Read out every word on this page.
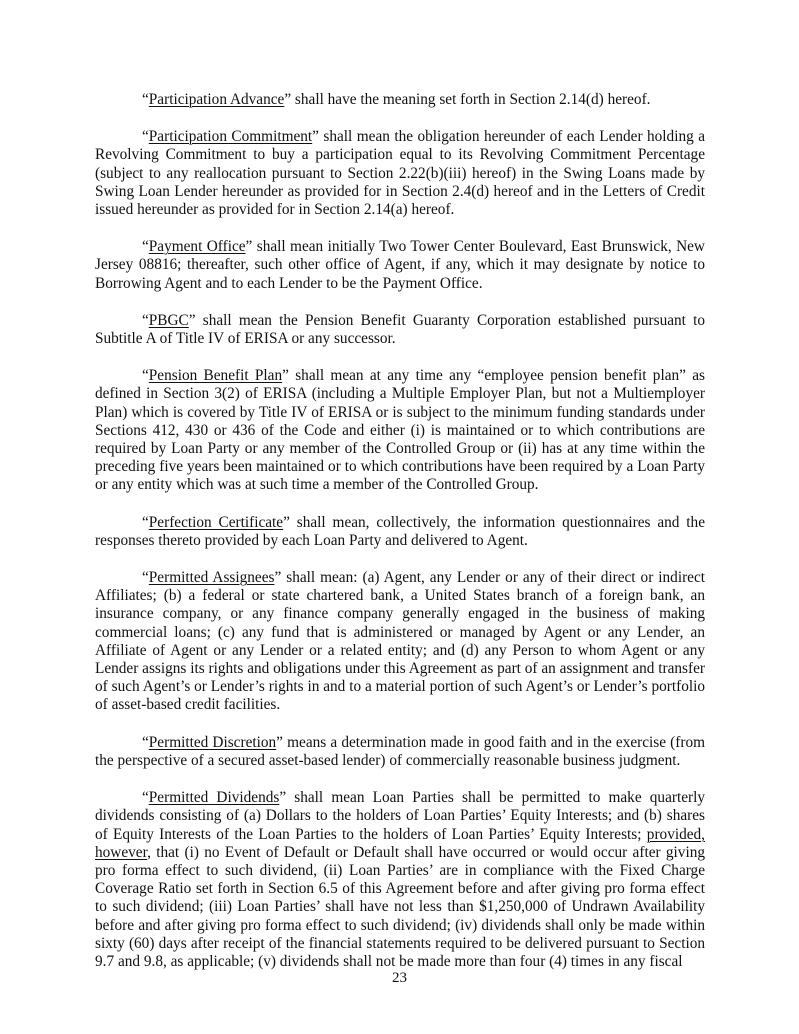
“Participation Advance” shall have the meaning set forth in Section 2.14(d) hereof.

“Participation Commitment” shall mean the obligation hereunder of each Lender holding a Revolving Commitment to buy a participation equal to its Revolving Commitment Percentage (subject to any reallocation pursuant to Section 2.22(b)(iii) hereof) in the Swing Loans made by Swing Loan Lender hereunder as provided for in Section 2.4(d) hereof and in the Letters of Credit issued hereunder as provided for in Section 2.14(a) hereof.

“Payment Office” shall mean initially Two Tower Center Boulevard, East Brunswick, New Jersey 08816; thereafter, such other office of Agent, if any, which it may designate by notice to Borrowing Agent and to each Lender to be the Payment Office.

“PBGC” shall mean the Pension Benefit Guaranty Corporation established pursuant to Subtitle A of Title IV of ERISA or any successor.

“Pension Benefit Plan” shall mean at any time any “employee pension benefit plan” as defined in Section 3(2) of ERISA (including a Multiple Employer Plan, but not a Multiemployer Plan) which is covered by Title IV of ERISA or is subject to the minimum funding standards under Sections 412, 430 or 436 of the Code and either (i) is maintained or to which contributions are required by Loan Party or any member of the Controlled Group or (ii) has at any time within the preceding five years been maintained or to which contributions have been required by a Loan Party or any entity which was at such time a member of the Controlled Group.

“Perfection Certificate” shall mean, collectively, the information questionnaires and the responses thereto provided by each Loan Party and delivered to Agent.

“Permitted Assignees” shall mean: (a) Agent, any Lender or any of their direct or indirect Affiliates; (b) a federal or state chartered bank, a United States branch of a foreign bank, an insurance company, or any finance company generally engaged in the business of making commercial loans; (c) any fund that is administered or managed by Agent or any Lender, an Affiliate of Agent or any Lender or a related entity; and (d) any Person to whom Agent or any Lender assigns its rights and obligations under this Agreement as part of an assignment and transfer of such Agent’s or Lender’s rights in and to a material portion of such Agent’s or Lender’s portfolio of asset-based credit facilities.

“Permitted Discretion” means a determination made in good faith and in the exercise (from the perspective of a secured asset-based lender) of commercially reasonable business judgment.

“Permitted Dividends” shall mean Loan Parties shall be permitted to make quarterly dividends consisting of (a) Dollars to the holders of Loan Parties’ Equity Interests; and (b) shares of Equity Interests of the Loan Parties to the holders of Loan Parties’ Equity Interests; provided, however, that (i) no Event of Default or Default shall have occurred or would occur after giving pro forma effect to such dividend, (ii) Loan Parties’ are in compliance with the Fixed Charge Coverage Ratio set forth in Section 6.5 of this Agreement before and after giving pro forma effect to such dividend; (iii) Loan Parties’ shall have not less than $1,250,000 of Undrawn Availability before and after giving pro forma effect to such dividend; (iv) dividends shall only be made within sixty (60) days after receipt of the financial statements required to be delivered pursuant to Section 9.7 and 9.8, as applicable; (v) dividends shall not be made more than four (4) times in any fiscal

23
